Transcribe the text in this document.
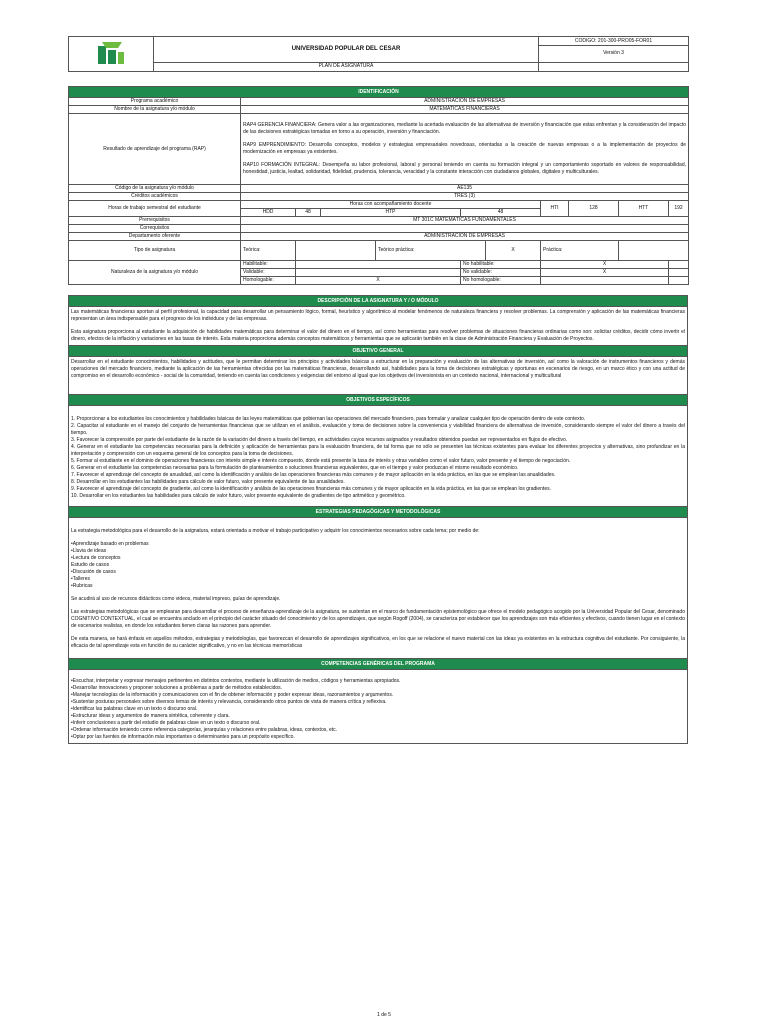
	UNIVERSIDAD POPULAR DEL CESAR	CODIGO: 201-300-PRO05-FOR01
		Versión 3
	PLAN DE ASIGNATURA	
IDENTIFICACIÓN										
Programa académico	ADMINISTRACIÓN DE EMPRESAS									
Nombre de la asignatura y/o módulo	MATEMATICAS FINANCIERAS									
Resultado de aprendizaje del programa (RAP)	RAP4 GERENCIA FINANCIERA: Genera valor a las organizaciones, mediante la acertada evaluación de las alternativas de inversión y financiación que estas enfrentan y la consideración del impacto de las decisiones estratégicas tomadas en torno a su operación, inversión y financiación.

RAP9 EMPRENDIMIENTO: Desarrolla conceptos, modelos y estrategias empresariales novedosas, orientadas a la creación de nuevas empresas o a la implementación de proyectos de modernización en empresas ya existentes.

RAP10 FORMACIÓN INTEGRAL: Desempeña su labor profesional, laboral y personal teniendo en cuenta su formación integral y un comportamiento soportado en valores de responsabilidad, honestidad, justicia, lealtad, solidaridad, fidelidad, prudencia, tolerancia, veracidad y la constante interacción con ciudadanos globales, digitales y multiculturales.									

Código de la asignatura y/o módulo	AE135									
Créditos académicos	TRES (3)									
Horas de trabajo semestral del estudiante	Horas con acompañamiento docente						HTI	128	HTT	192
	HDD	48	HTP		48					
Prerrequisitos	MT 301C MATEMÁTICAS FUNDAMENTALES									
Correquisitos										
Departamento oferente	ADMINISTRACIÓN DE EMPRESAS									
Tipo de asignatura	Teórica:			Teórico práctica:		X	Práctica:			
Naturaleza de la asignatura y/o módulo	Habilitable:				No habilitable:		X			
	Validable:				No validable:		X			
	Homologable:	X			No homologable:					
DESCRIPCIÓN DE LA ASIGNATURA Y / O MÓDULO

Las matemáticas financieras aportan al perfil profesional, la capacidad para desarrollar un pensamiento lógico, formal, heurístico y algorítmico al modelar fenómenos de naturaleza financiera y resolver problemas. La comprensión y aplicación de las matemáticas financieras representan un área indispensable para el progreso de los individuos y de las empresas.

Esta asignatura proporciona al estudiante la adquisición de habilidades matemáticas para determinar el valor del dinero en el tiempo, así como herramientas para resolver problemas de situaciones financieras ordinarias como son: solicitar créditos, decidir cómo invertir el dinero, efectos de la inflación y variaciones en las tasas de interés. Esta materia proporciona además conceptos matemáticos y herramientas que se aplicarán también en la clase de Administración Financiera y Evaluación de Proyectos.

OBJETIVO GENERAL
Desarrollar en el estudiante conocimientos, habilidades y actitudes, que le permitan determinar los principios y actividades básicas a estructurar en la preparación y evaluación de las alternativas de inversión, así como la valoración de instrumentos financieros y demás operaciones del mercado financiero, mediante la aplicación de las herramientas ofrecidas por las matemáticas financieras, desarrollando así, habilidades para la toma de decisiones estratégicas y oportunas en escenarios de riesgo, en un marco ético y con una actitud de compromiso en el desarrollo económico - social de la comunidad, teniendo en cuenta las condiciones y exigencias del entorno al igual que los objetivos del inversionista en un contexto nacional, internacional y multicultural
OBJETIVOS ESPECÍFICOS

1. Proporcionar a los estudiantes los conocimientos y habilidades básicas de las leyes matemáticas que gobiernan las operaciones del mercado financiero, para formular y analizar cualquier tipo de operación dentro de este contexto.

2. Capacitar al estudiante en el manejo del conjunto de herramientas financieras que se utilizan en el análisis, evaluación y toma de decisiones sobre la conveniencia y viabilidad financiera de alternativas de inversión, considerando siempre el valor del dinero a través del tiempo.

3. Favorecer la comprensión por parte del estudiante de la razón de la variación del dinero a través del tiempo, en actividades cuyos recursos asignados y resultados obtenidos puedan ser representados en flujos de efectivo.

4. Generar en el estudiante las competencias necesarias para la definición y aplicación de herramientas para la evaluación financiera, de tal forma que no sólo se presenten las técnicas existentes para evaluar los diferentes proyectos y alternativas, sino profundizar en la interpretación y comprensión con un esquema general de los conceptos para la toma de decisiones.

5. Formar al estudiante en el dominio de operaciones financieras con interés simple e interés compuesto, donde está presente la tasa de interés y otras variables como el valor futuro, valor presente y el tiempo de negociación.

6. Generar en el estudiante las competencias necesarias para la formulación de planteamientos o soluciones financieras equivalentes, que en el tiempo y valor produzcan el mismo resultado económico.

7. Favorecer el aprendizaje del concepto de anualidad, así como la identificación y análisis de las operaciones financieras más comunes y de mayor aplicación en la vida práctica, en las que se emplean las anualidades.

8. Desarrollar en los estudiantes las habilidades para cálculo de valor futuro, valor presente equivalente de las anualidades.

9. Favorecer el aprendizaje del concepto de gradiente, así como la identificación y análisis de las operaciones financieras más comunes y de mayor aplicación en la vida práctica, en las que se emplean los gradientes.

10. Desarrollar en los estudiantes las habilidades para cálculo de valor futuro, valor presente equivalente de gradientes de tipo aritmético y geométrico.

ESTRATEGIAS PEDAGÓGICAS Y METODOLÓGICAS

La estrategia metodológica para el desarrollo de la asignatura, estará orientada a motivar el trabajo participativo y adquirir los conocimientos necesarios sobre cada tema; por medio de:

•Aprendizaje basado en problemas

•Lluvia de ideas

•Lectura de conceptos

Estudio de casos

•Discusión de casos

•Talleres

•Rubricas

Se acudirá al uso de recursos didácticos como videos, material impreso, guías de aprendizaje.

Las estrategias metodológicas que se emplearan para desarrollar el proceso de enseñanza-aprendizaje de la asignatura, se sustentan en el marco de fundamentación epistemológico que ofrece el modelo pedagógico acogido por la Universidad Popular del Cesar, denominado COGNITIVO CONTEXTUAL, el cual se encuentra anclado en el principio del carácter situado del conocimiento y de los aprendizajes, que según Rogoff (2004), se caracteriza por establecer que los aprendizajes son más eficientes y efectivos, cuando tienen lugar en el contexto de escenarios realistas, en donde los estudiantes tienen claras las razones para aprender.

De esta manera, se hará énfasis en aquellos métodos, estrategias y metodologías, que favorezcan el desarrollo de aprendizajes significativos, en los que se relacione el nuevo material con las ideas ya existentes en la estructura cognitiva del estudiante. Por consiguiente, la eficacia de tal aprendizaje esta en función de su carácter significativo, y no en las técnicas memorísticas

COMPETENCIAS GENÉRICAS DEL PROGRAMA

•Escuchar, interpretar y expresar mensajes pertinentes en distintos contextos, mediante la utilización de medios, códigos y herramientas apropiados.

•Desarrollar innovaciones y proponer soluciones a problemas a partir de métodos establecidos.

•Manejar tecnologías de la información y comunicaciones con el fin de obtener información y poder expresar ideas, razonamientos y argumentos.

•Sustentar posturas personales sobre diversos temas de interés y relevancia, considerando otros puntos de vista de manera crítica y reflexiva.

•Identificar las palabras clave en un texto o discurso oral.

•Estructurar ideas y argumentos de manera sintética, coherente y clara.

•Inferir conclusiones a partir del estudio de palabras clave en un texto o discurso oral.

•Ordenar información teniendo como referencia categorías, jerarquías y relaciones entre palabras, ideas, contextos, etc.

•Optar por las fuentes de información más importantes o determinantes para un propósito específico.

1 de 5
